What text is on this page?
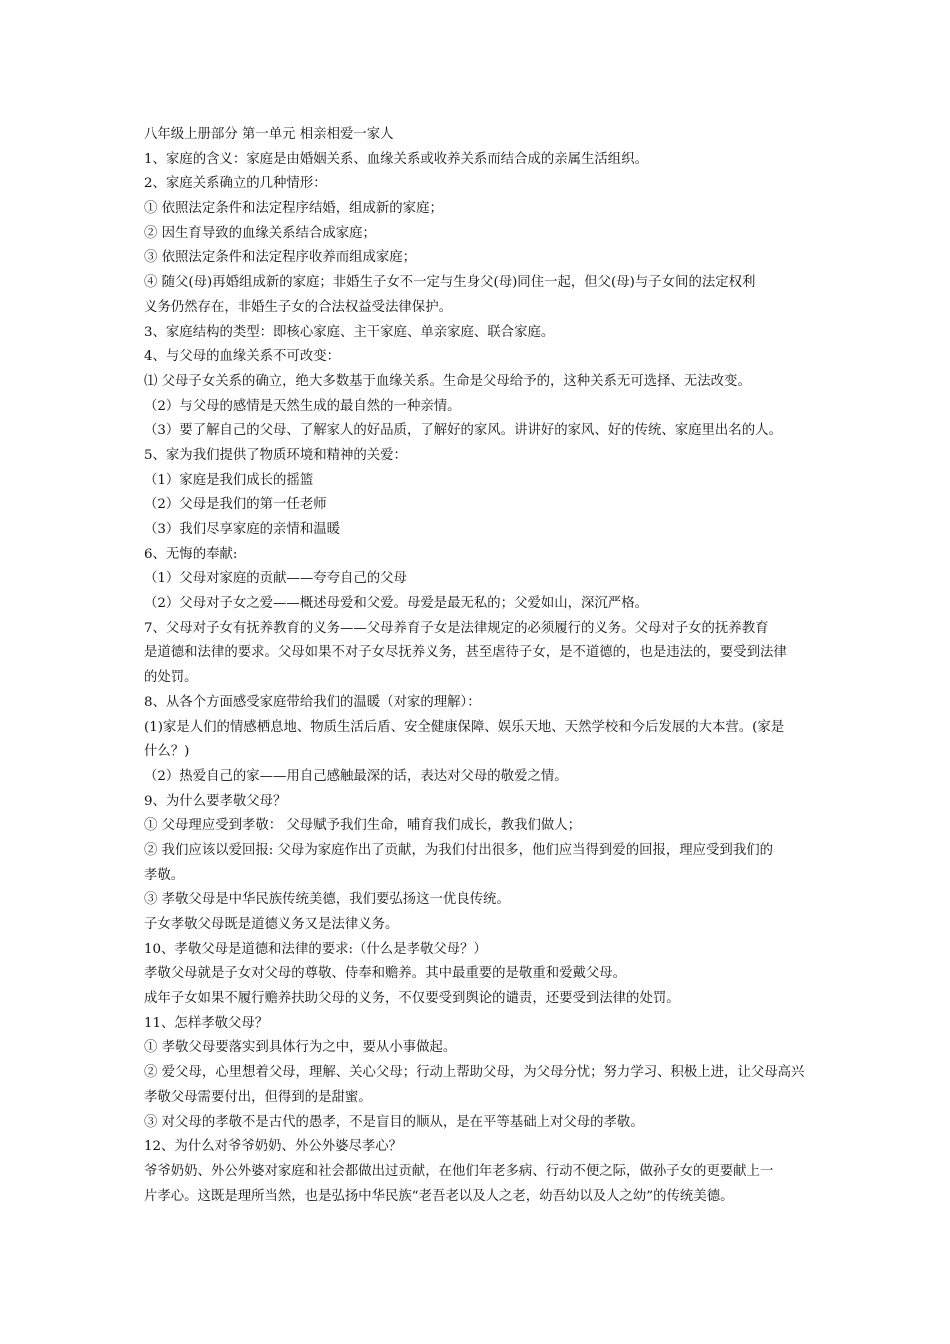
八年级上册部分 第一单元 相亲相爱一家人
1、家庭的含义：家庭是由婚姻关系、血缘关系或收养关系而结合成的亲属生活组织。
2、家庭关系确立的几种情形：
① 依照法定条件和法定程序结婚，组成新的家庭；
② 因生育导致的血缘关系结合成家庭；
③ 依照法定条件和法定程序收养而组成家庭；
④ 随父(母)再婚组成新的家庭；非婚生子女不一定与生身父(母)同住一起，但父(母)与子女间的法定权利
义务仍然存在，非婚生子女的合法权益受法律保护。
3、家庭结构的类型：即核心家庭、主干家庭、单亲家庭、联合家庭。
4、与父母的血缘关系不可改变：
⑴ 父母子女关系的确立，绝大多数基于血缘关系。生命是父母给予的，这种关系无可选择、无法改变。
（2）与父母的感情是天然生成的最自然的一种亲情。
（3）要了解自己的父母、了解家人的好品质，了解好的家风。讲讲好的家风、好的传统、家庭里出名的人。
5、家为我们提供了物质环境和精神的关爱：
（1）家庭是我们成长的摇篮
（2）父母是我们的第一任老师
（3）我们尽享家庭的亲情和温暖
6、无悔的奉献:
（1）父母对家庭的贡献——夸夸自己的父母
（2）父母对子女之爱——概述母爱和父爱。母爱是最无私的；父爱如山，深沉严格。
7、父母对子女有抚养教育的义务——父母养育子女是法律规定的必须履行的义务。父母对子女的抚养教育
是道德和法律的要求。父母如果不对子女尽抚养义务，甚至虐待子女，是不道德的，也是违法的，要受到法律
的处罚。
8、从各个方面感受家庭带给我们的温暖（对家的理解）：
(1)家是人们的情感栖息地、物质生活后盾、安全健康保障、娱乐天地、天然学校和今后发展的大本营。(家是
什么？)
（2）热爱自己的家——用自己感触最深的话，表达对父母的敬爱之情。
9、为什么要孝敬父母？
① 父母理应受到孝敬： 父母赋予我们生命，哺育我们成长，教我们做人；
② 我们应该以爱回报: 父母为家庭作出了贡献，为我们付出很多，他们应当得到爱的回报，理应受到我们的
孝敬。
③ 孝敬父母是中华民族传统美德，我们要弘扬这一优良传统。
子女孝敬父母既是道德义务又是法律义务。
10、孝敬父母是道德和法律的要求:（什么是孝敬父母？）
孝敬父母就是子女对父母的尊敬、侍奉和赡养。其中最重要的是敬重和爱戴父母。
成年子女如果不履行赡养扶助父母的义务，不仅要受到舆论的谴责，还要受到法律的处罚。
11、怎样孝敬父母？
① 孝敬父母要落实到具体行为之中，要从小事做起。
② 爱父母，心里想着父母，理解、关心父母；行动上帮助父母，为父母分忧；努力学习、积极上进，让父母高兴
孝敬父母需要付出，但得到的是甜蜜。
③ 对父母的孝敬不是古代的愚孝，不是盲目的顺从，是在平等基础上对父母的孝敬。
12、为什么对爷爷奶奶、外公外婆尽孝心？
爷爷奶奶、外公外婆对家庭和社会都做出过贡献，在他们年老多病、行动不便之际，做孙子女的更要献上一
片孝心。这既是理所当然，也是弘扬中华民族“老吾老以及人之老，幼吾幼以及人之幼”的传统美德。
